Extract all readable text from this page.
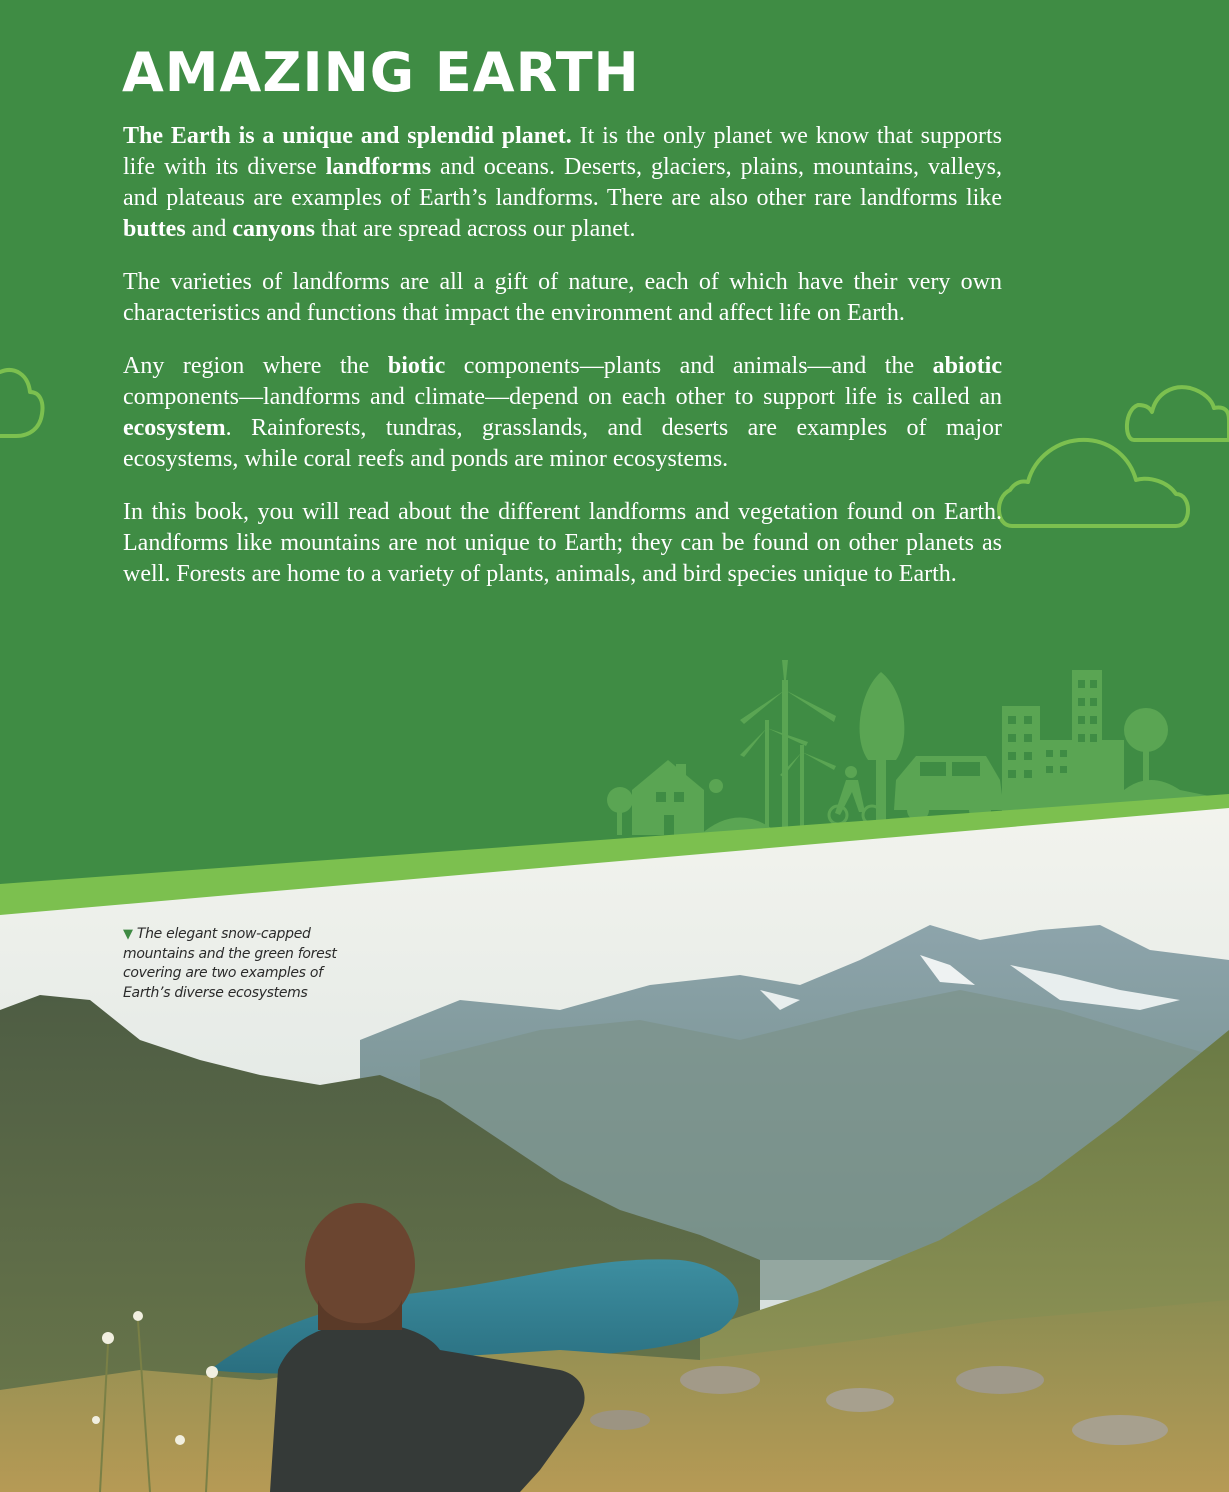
AMAZING EARTH

The Earth is a unique and splendid planet. It is the only planet we know that supports life with its diverse landforms and oceans. Deserts, glaciers, plains, mountains, valleys, and plateaus are examples of Earth’s landforms. There are also other rare landforms like buttes and canyons that are spread across our planet.

The varieties of landforms are all a gift of nature, each of which have their very own characteristics and functions that impact the environment and affect life on Earth.

Any region where the biotic components—plants and animals—and the abiotic components—landforms and climate—depend on each other to support life is called an ecosystem. Rainforests, tundras, grasslands, and deserts are examples of major ecosystems, while coral reefs and ponds are minor ecosystems.

In this book, you will read about the different landforms and vegetation found on Earth. Landforms like mountains are not unique to Earth; they can be found on other planets as well. Forests are home to a variety of plants, animals, and bird species unique to Earth.

▼ The elegant snow-capped mountains and the green forest covering are two examples of Earth’s diverse ecosystems
